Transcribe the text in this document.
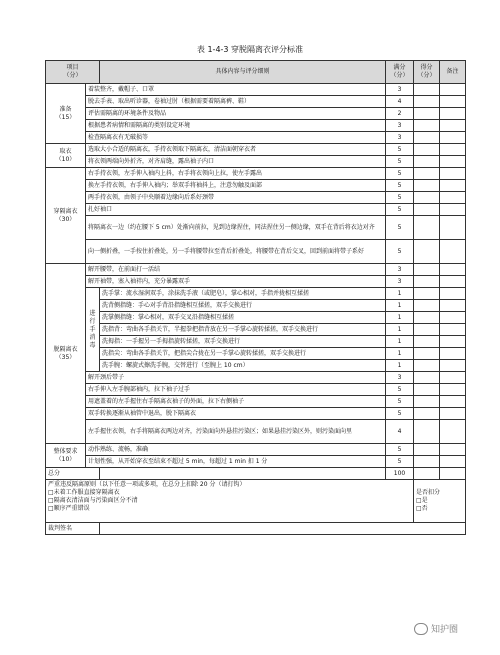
表 1-4-3 穿脱隔离衣评分标准
项目
（分）		具体内容与评分细则	满分
（分）	得分
（分）	备注
准备
（15）	着装整齐，戴帽子、口罩		3		
	脱去手表、取出听诊器，卷袖过肘（根据需要着隔离裤、鞋）		4		
	评估需隔离的环境条件及物品		2		
	根据患者病情和需隔离的类别设定环境		3		
	检查隔离衣有无破损等		3		
取衣
（10）	选取大小合适的隔离衣，手持衣领取下隔离衣，清洁面朝穿衣者		5		
	将衣领两端向外折齐，对齐肩缝，露出袖子内口		5		
穿隔离衣
（30）	右手持衣领，左手伸入袖内上抖，右手将衣领向上拉，使左手露出		5		
	换左手持衣领，右手伸入袖内；举双手将袖抖上，注意勿触及面部		5		
	两手持衣领，由领子中央顺着边缘向后系好颈带		5		
	扎好袖口		5		
	将隔离衣一边（约在腰下 5 cm）处渐向前拉，见到边缘捏住，同法捏住另一侧边缘，双手在背后将衣边对齐		5		
	向一侧折叠，一手按住折叠处，另一手将腰带拉至背后折叠处，将腰带在背后交叉，回到前面将带子系好		5		
脱隔离衣
（35）	解开腰带，在前面打一活结		3		
	解开袖带，塞入袖袢内，充分暴露双手		3		
	进
行
手
消
毒	洗手掌：流水湿润双手，涂抹洗手液（或肥皂），掌心相对，手指并拢相互揉搓	1		
		洗背侧指缝：手心对手背沿指缝相互揉搓，双手交换进行	1		
		洗掌侧指缝：掌心相对，双手交叉沿指缝相互揉搓	1		
		洗指背：弯曲各手指关节，半握拳把指背放在另一手掌心旋转揉搓，双手交换进行	1		
		洗拇指：一手握另一手拇指旋转揉搓，双手交换进行	1		
		洗指尖：弯曲各手指关节，把指尖合拢在另一手掌心旋转揉搓，双手交换进行	1		
		洗手腕：螺旋式擦洗手腕，交替进行（至腕上 10 cm）	1		
	解开颈后带子		3		
	右手伸入左手腕部袖内，拉下袖子过手		5		
	用遮盖着的左手握住右手隔离衣袖子的外面，拉下右侧袖子		5		
	双手转换逐渐从袖管中退出，脱下隔离衣		5		
	左手握住衣领，右手将隔离衣两边对齐，污染面向外悬挂污染区；如果悬挂污染区外，则污染面向里		4		
整体要求
（10）	动作熟练、流畅，准确		5		
	计划性强，从开始穿衣至结束不超过 5 min，每超过 1 min 扣 1 分		5		
总分			100		

严重违反隔离原则（以下任意一项或多项，在总分上扣除 20 分（请打钩）
□未着工作服直接穿隔离衣
□隔离衣清洁面与污染面区分不清
□顺序严重错误				是否扣分
□是
□否	

裁判签名					
知护圈
